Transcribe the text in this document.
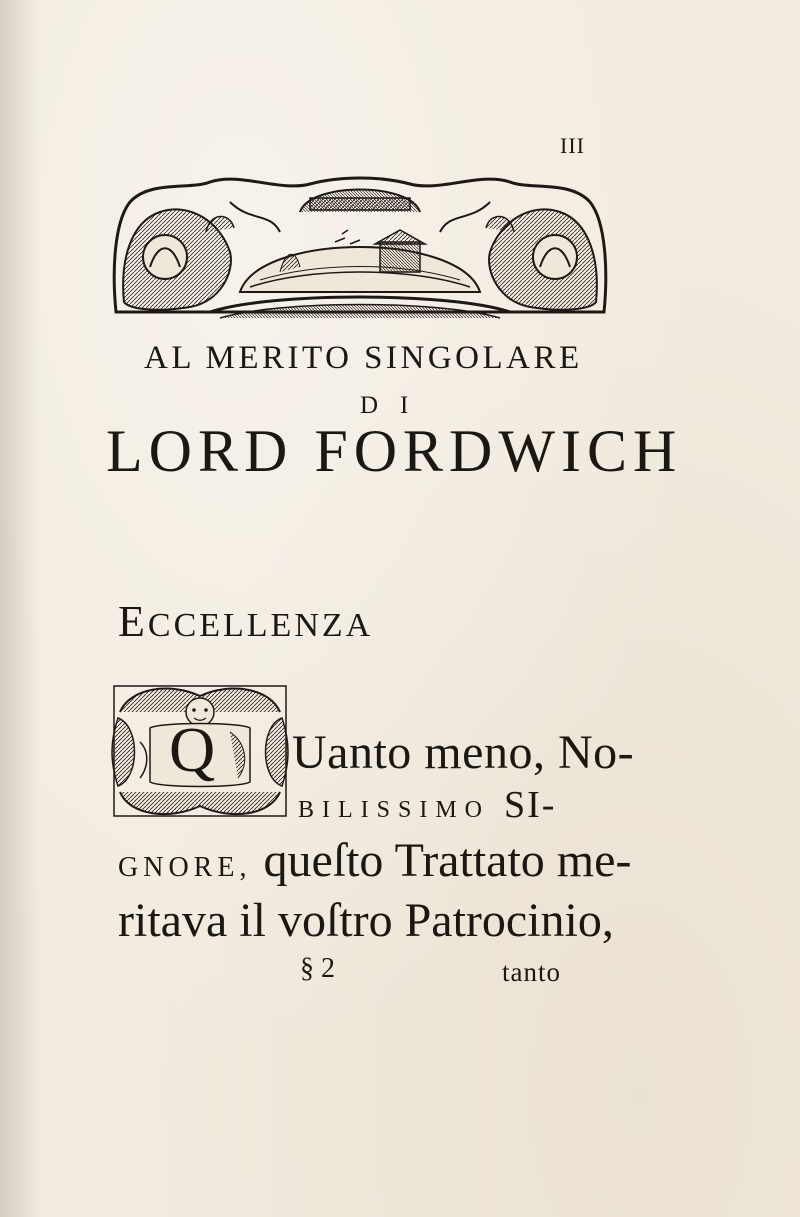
III
AL MERITO SINGOLARE
DI
LORD FORDWICH
ECCELLENZA
Q Uanto meno, No-
BILISSIMO SI-
GNORE, queſto Trattato me-
ritava il voſtro Patrocinio,
§ 2	tanto
